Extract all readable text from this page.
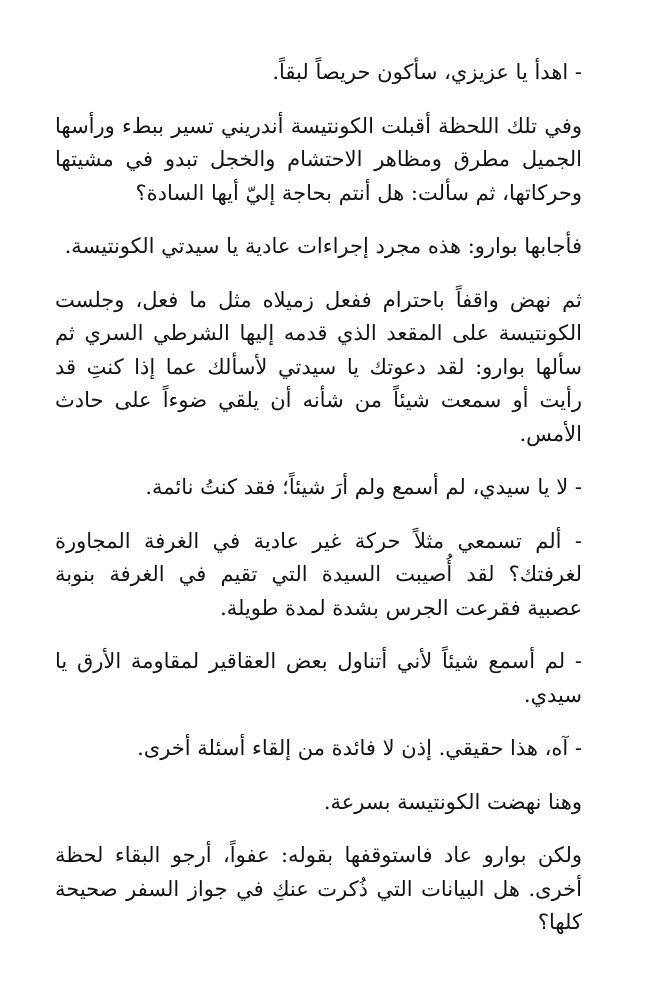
- اهدأ يا عزيزي، سأكون حريصاً لبقاً.

وفي تلك اللحظة أقبلت الكونتيسة أندريني تسير ببطء ورأسها الجميل مطرق ومظاهر الاحتشام والخجل تبدو في مشيتها وحركاتها، ثم سألت: هل أنتم بحاجة إليّ أيها السادة؟

فأجابها بوارو: هذه مجرد إجراءات عادية يا سيدتي الكونتيسة.

ثم نهض واقفاً باحترام ففعل زميلاه مثل ما فعل، وجلست الكونتيسة على المقعد الذي قدمه إليها الشرطي السري ثم سألها بوارو: لقد دعوتك يا سيدتي لأسألك عما إذا كنتِ قد رأيت أو سمعت شيئاً من شأنه أن يلقي ضوءاً على حادث الأمس.

- لا يا سيدي، لم أسمع ولم أرَ شيئاً؛ فقد كنتُ نائمة.

- ألم تسمعي مثلاً حركة غير عادية في الغرفة المجاورة لغرفتك؟ لقد أُصيبت السيدة التي تقيم في الغرفة بنوبة عصبية فقرعت الجرس بشدة لمدة طويلة.

- لم أسمع شيئاً لأني أتناول بعض العقاقير لمقاومة الأرق يا سيدي.

- آه، هذا حقيقي. إذن لا فائدة من إلقاء أسئلة أخرى.

وهنا نهضت الكونتيسة بسرعة.

ولكن بوارو عاد فاستوقفها بقوله: عفواً، أرجو البقاء لحظة أخرى. هل البيانات التي ذُكرت عنكِ في جواز السفر صحيحة كلها؟
